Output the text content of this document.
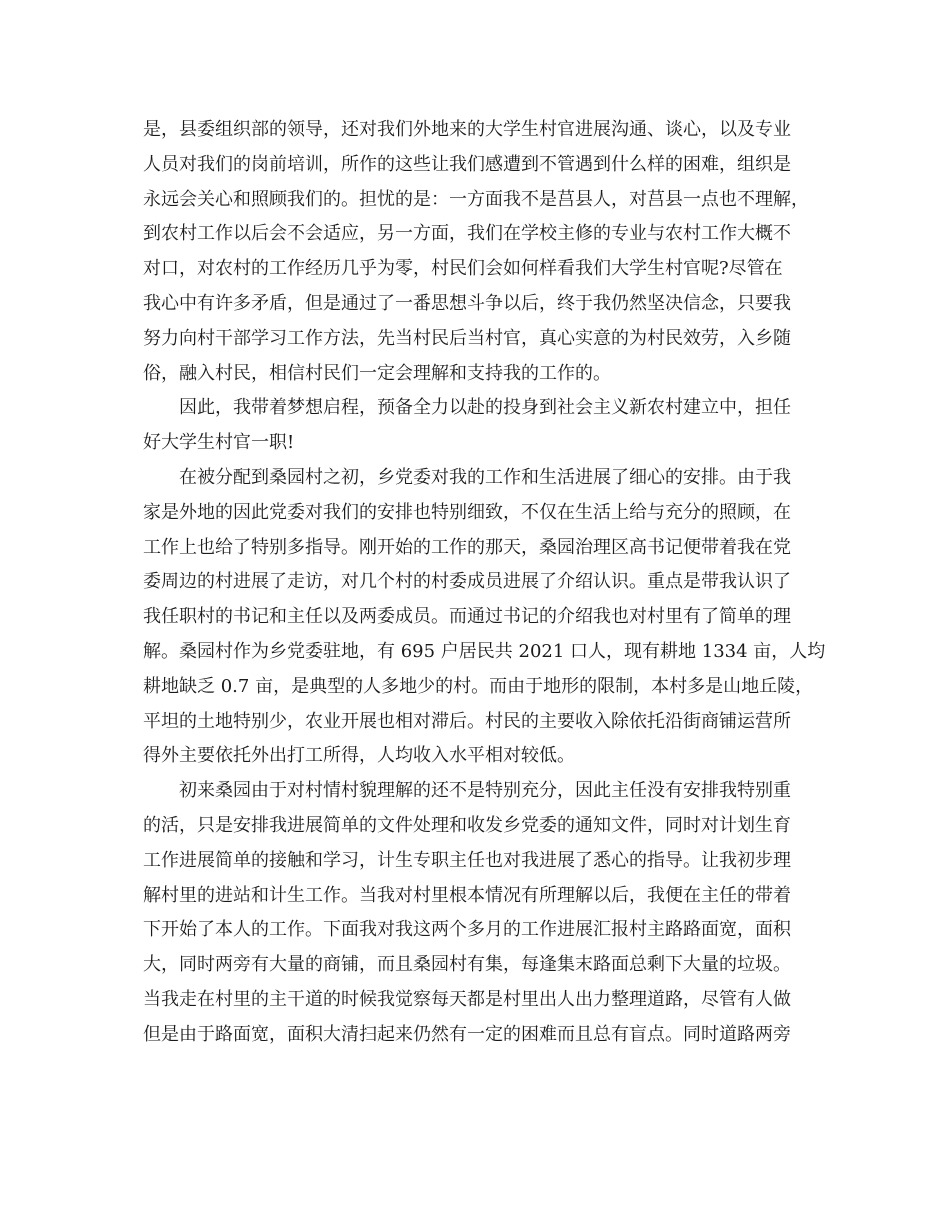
是，县委组织部的领导，还对我们外地来的大学生村官进展沟通、谈心，以及专业
人员对我们的岗前培训，所作的这些让我们感遭到不管遇到什么样的困难，组织是
永远会关心和照顾我们的。担忧的是：一方面我不是莒县人，对莒县一点也不理解，
到农村工作以后会不会适应，另一方面，我们在学校主修的专业与农村工作大概不
对口，对农村的工作经历几乎为零，村民们会如何样看我们大学生村官呢?尽管在
我心中有许多矛盾，但是通过了一番思想斗争以后，终于我仍然坚决信念，只要我
努力向村干部学习工作方法，先当村民后当村官，真心实意的为村民效劳，入乡随
俗，融入村民，相信村民们一定会理解和支持我的工作的。
因此，我带着梦想启程，预备全力以赴的投身到社会主义新农村建立中，担任
好大学生村官一职!
在被分配到桑园村之初，乡党委对我的工作和生活进展了细心的安排。由于我
家是外地的因此党委对我们的安排也特别细致，不仅在生活上给与充分的照顾，在
工作上也给了特别多指导。刚开始的工作的那天，桑园治理区高书记便带着我在党
委周边的村进展了走访，对几个村的村委成员进展了介绍认识。重点是带我认识了
我任职村的书记和主任以及两委成员。而通过书记的介绍我也对村里有了简单的理
解。桑园村作为乡党委驻地，有 695 户居民共 2021 口人，现有耕地 1334 亩，人均
耕地缺乏 0.7 亩，是典型的人多地少的村。而由于地形的限制，本村多是山地丘陵，
平坦的土地特别少，农业开展也相对滞后。村民的主要收入除依托沿街商铺运营所
得外主要依托外出打工所得，人均收入水平相对较低。
初来桑园由于对村情村貌理解的还不是特别充分，因此主任没有安排我特别重
的活，只是安排我进展简单的文件处理和收发乡党委的通知文件，同时对计划生育
工作进展简单的接触和学习，计生专职主任也对我进展了悉心的指导。让我初步理
解村里的进站和计生工作。当我对村里根本情况有所理解以后，我便在主任的带着
下开始了本人的工作。下面我对我这两个多月的工作进展汇报村主路路面宽，面积
大，同时两旁有大量的商铺，而且桑园村有集，每逢集末路面总剩下大量的垃圾。
当我走在村里的主干道的时候我觉察每天都是村里出人出力整理道路，尽管有人做
但是由于路面宽，面积大清扫起来仍然有一定的困难而且总有盲点。同时道路两旁
